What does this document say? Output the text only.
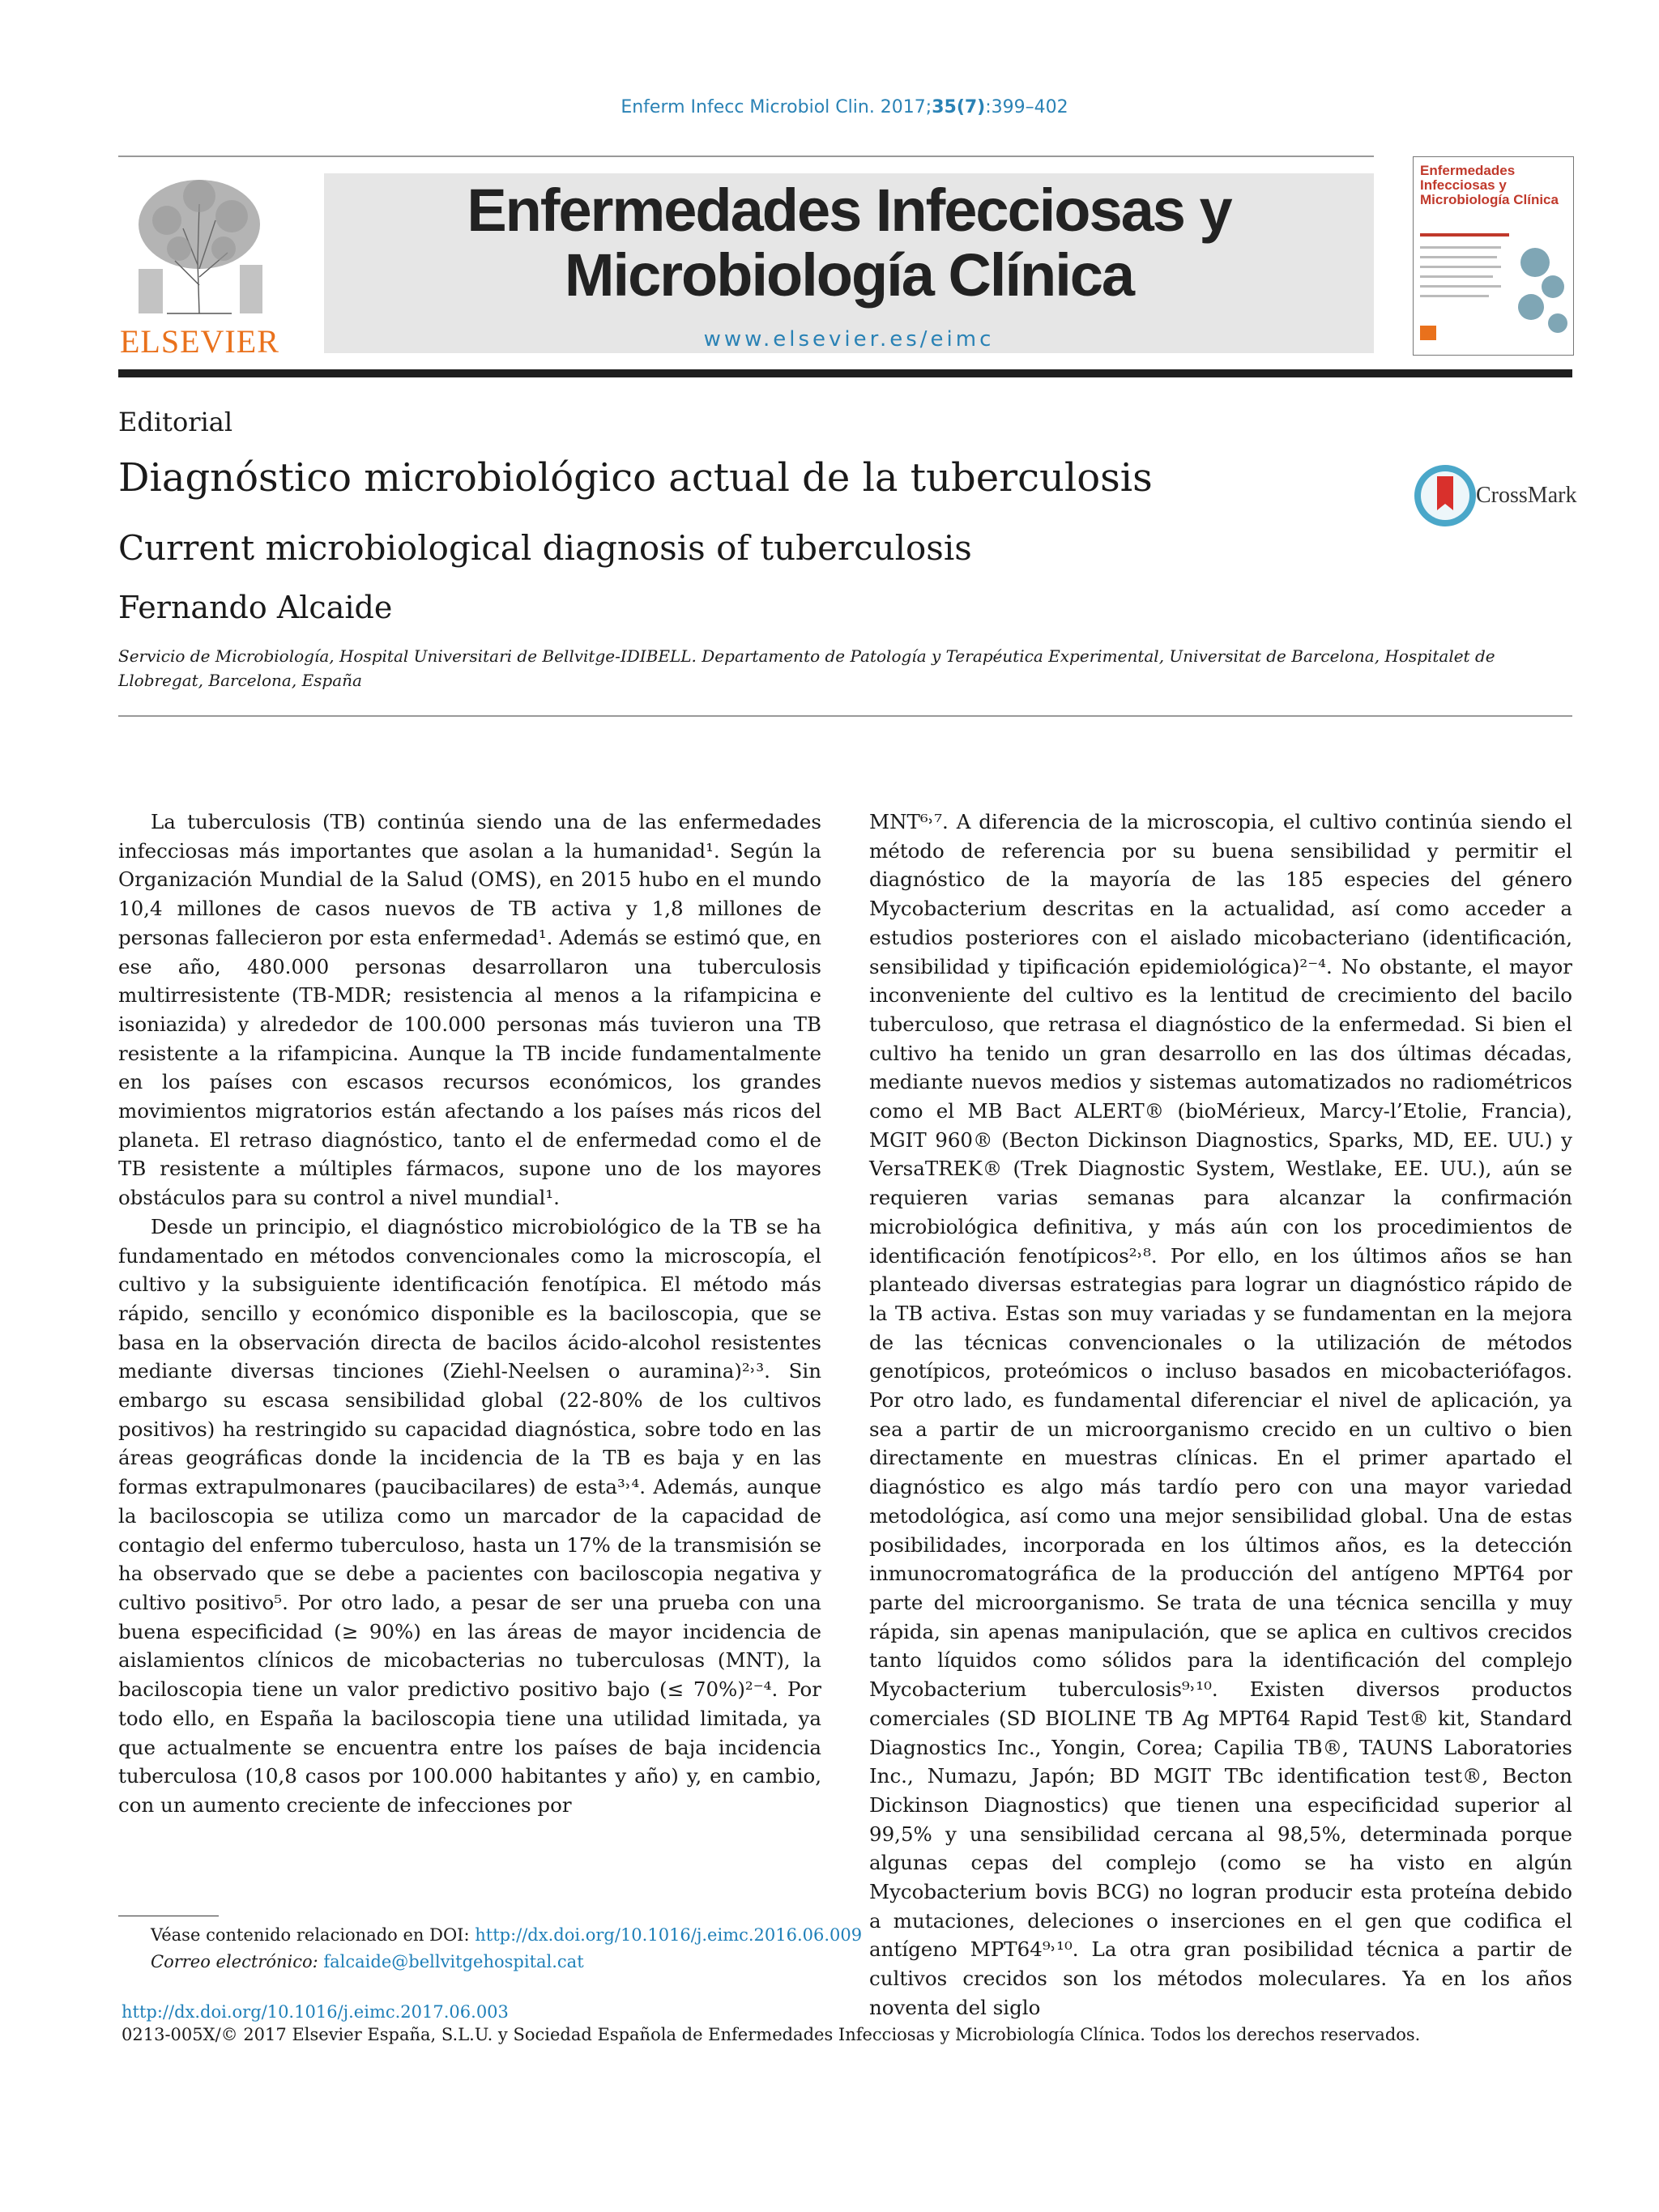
Enferm Infecc Microbiol Clin. 2017;35(7):399–402
ELSEVIER
Enfermedades Infecciosas y
Microbiología Clínica
www.elsevier.es/eimc
Enfermedades Infecciosas y Microbiología Clínica
Editorial
Diagnóstico microbiológico actual de la tuberculosis
Current microbiological diagnosis of tuberculosis
Fernando Alcaide
Servicio de Microbiología, Hospital Universitari de Bellvitge-IDIBELL. Departamento de Patología y Terapéutica Experimental, Universitat de Barcelona, Hospitalet de Llobregat, Barcelona, España
CrossMark

La tuberculosis (TB) continúa siendo una de las enfermedades infecciosas más importantes que asolan a la humanidad¹. Según la Organización Mundial de la Salud (OMS), en 2015 hubo en el mundo 10,4 millones de casos nuevos de TB activa y 1,8 millones de personas fallecieron por esta enfermedad¹. Además se estimó que, en ese año, 480.000 personas desarrollaron una tuberculosis multirresistente (TB-MDR; resistencia al menos a la rifampicina e isoniazida) y alrededor de 100.000 personas más tuvieron una TB resistente a la rifampicina. Aunque la TB incide fundamentalmente en los países con escasos recursos económicos, los grandes movimientos migratorios están afectando a los países más ricos del planeta. El retraso diagnóstico, tanto el de enfermedad como el de TB resistente a múltiples fármacos, supone uno de los mayores obstáculos para su control a nivel mundial¹.

Desde un principio, el diagnóstico microbiológico de la TB se ha fundamentado en métodos convencionales como la microscopía, el cultivo y la subsiguiente identificación fenotípica. El método más rápido, sencillo y económico disponible es la baciloscopia, que se basa en la observación directa de bacilos ácido-alcohol resistentes mediante diversas tinciones (Ziehl-Neelsen o auramina)²˒³. Sin embargo su escasa sensibilidad global (22-80% de los cultivos positivos) ha restringido su capacidad diagnóstica, sobre todo en las áreas geográficas donde la incidencia de la TB es baja y en las formas extrapulmonares (paucibacilares) de esta³˒⁴. Además, aunque la baciloscopia se utiliza como un marcador de la capacidad de contagio del enfermo tuberculoso, hasta un 17% de la transmisión se ha observado que se debe a pacientes con baciloscopia negativa y cultivo positivo⁵. Por otro lado, a pesar de ser una prueba con una buena especificidad (≥ 90%) en las áreas de mayor incidencia de aislamientos clínicos de micobacterias no tuberculosas (MNT), la baciloscopia tiene un valor predictivo positivo bajo (≤ 70%)²⁻⁴. Por todo ello, en España la baciloscopia tiene una utilidad limitada, ya que actualmente se encuentra entre los países de baja incidencia tuberculosa (10,8 casos por 100.000 habitantes y año) y, en cambio, con un aumento creciente de infecciones por

MNT⁶˒⁷. A diferencia de la microscopia, el cultivo continúa siendo el método de referencia por su buena sensibilidad y permitir el diagnóstico de la mayoría de las 185 especies del género Mycobacterium descritas en la actualidad, así como acceder a estudios posteriores con el aislado micobacteriano (identificación, sensibilidad y tipificación epidemiológica)²⁻⁴. No obstante, el mayor inconveniente del cultivo es la lentitud de crecimiento del bacilo tuberculoso, que retrasa el diagnóstico de la enfermedad. Si bien el cultivo ha tenido un gran desarrollo en las dos últimas décadas, mediante nuevos medios y sistemas automatizados no radiométricos como el MB Bact ALERT® (bioMérieux, Marcy-l’Etolie, Francia), MGIT 960® (Becton Dickinson Diagnostics, Sparks, MD, EE. UU.) y VersaTREK® (Trek Diagnostic System, Westlake, EE. UU.), aún se requieren varias semanas para alcanzar la confirmación microbiológica definitiva, y más aún con los procedimientos de identificación fenotípicos²˒⁸. Por ello, en los últimos años se han planteado diversas estrategias para lograr un diagnóstico rápido de la TB activa. Estas son muy variadas y se fundamentan en la mejora de las técnicas convencionales o la utilización de métodos genotípicos, proteómicos o incluso basados en micobacteriófagos. Por otro lado, es fundamental diferenciar el nivel de aplicación, ya sea a partir de un microorganismo crecido en un cultivo o bien directamente en muestras clínicas. En el primer apartado el diagnóstico es algo más tardío pero con una mayor variedad metodológica, así como una mejor sensibilidad global. Una de estas posibilidades, incorporada en los últimos años, es la detección inmunocromatográfica de la producción del antígeno MPT64 por parte del microorganismo. Se trata de una técnica sencilla y muy rápida, sin apenas manipulación, que se aplica en cultivos crecidos tanto líquidos como sólidos para la identificación del complejo Mycobacterium tuberculosis⁹˒¹⁰. Existen diversos productos comerciales (SD BIOLINE TB Ag MPT64 Rapid Test® kit, Standard Diagnostics Inc., Yongin, Corea; Capilia TB®, TAUNS Laboratories Inc., Numazu, Japón; BD MGIT TBc identification test®, Becton Dickinson Diagnostics) que tienen una especificidad superior al 99,5% y una sensibilidad cercana al 98,5%, determinada porque algunas cepas del complejo (como se ha visto en algún Mycobacterium bovis BCG) no logran producir esta proteína debido a mutaciones, deleciones o inserciones en el gen que codifica el antígeno MPT64⁹˒¹⁰. La otra gran posibilidad técnica a partir de cultivos crecidos son los métodos moleculares. Ya en los años noventa del siglo

Véase contenido relacionado en DOI: http://dx.doi.org/10.1016/j.eimc.2016.06.009
Correo electrónico: falcaide@bellvitgehospital.cat
http://dx.doi.org/10.1016/j.eimc.2017.06.003
0213-005X/© 2017 Elsevier España, S.L.U. y Sociedad Española de Enfermedades Infecciosas y Microbiología Clínica. Todos los derechos reservados.
